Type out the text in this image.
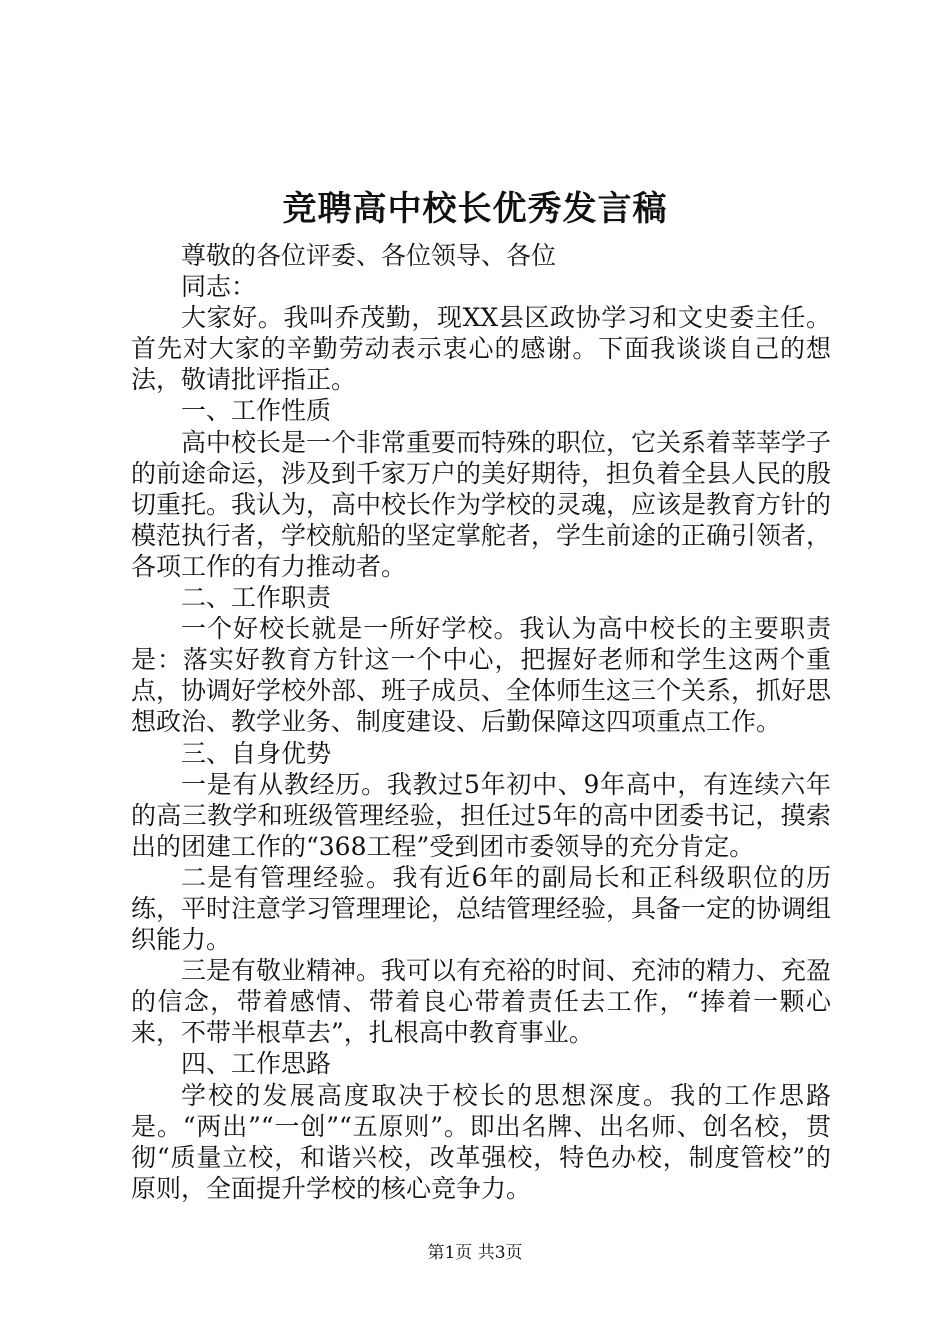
竞聘高中校长优秀发言稿

尊敬的各位评委、各位领导、各位

同志：

大家好。我叫乔茂勤，现XX县区政协学习和文史委主任。首先对大家的辛勤劳动表示衷心的感谢。下面我谈谈自己的想法，敬请批评指正。

一、工作性质

高中校长是一个非常重要而特殊的职位，它关系着莘莘学子的前途命运，涉及到千家万户的美好期待，担负着全县人民的殷切重托。我认为，高中校长作为学校的灵魂，应该是教育方针的模范执行者，学校航船的坚定掌舵者，学生前途的正确引领者，各项工作的有力推动者。

二、工作职责

一个好校长就是一所好学校。我认为高中校长的主要职责是：落实好教育方针这一个中心，把握好老师和学生这两个重点，协调好学校外部、班子成员、全体师生这三个关系，抓好思想政治、教学业务、制度建设、后勤保障这四项重点工作。

三、自身优势

一是有从教经历。我教过5年初中、9年高中，有连续六年的高三教学和班级管理经验，担任过5年的高中团委书记，摸索出的团建工作的“368工程”受到团市委领导的充分肯定。

二是有管理经验。我有近6年的副局长和正科级职位的历练，平时注意学习管理理论，总结管理经验，具备一定的协调组织能力。

三是有敬业精神。我可以有充裕的时间、充沛的精力、充盈的信念，带着感情、带着良心带着责任去工作，“捧着一颗心来，不带半根草去”，扎根高中教育事业。

四、工作思路

学校的发展高度取决于校长的思想深度。我的工作思路是。“两出”“一创”“五原则”。即出名牌、出名师、创名校，贯彻“质量立校，和谐兴校，改革强校，特色办校，制度管校”的原则，全面提升学校的核心竞争力。

第1页 共3页
